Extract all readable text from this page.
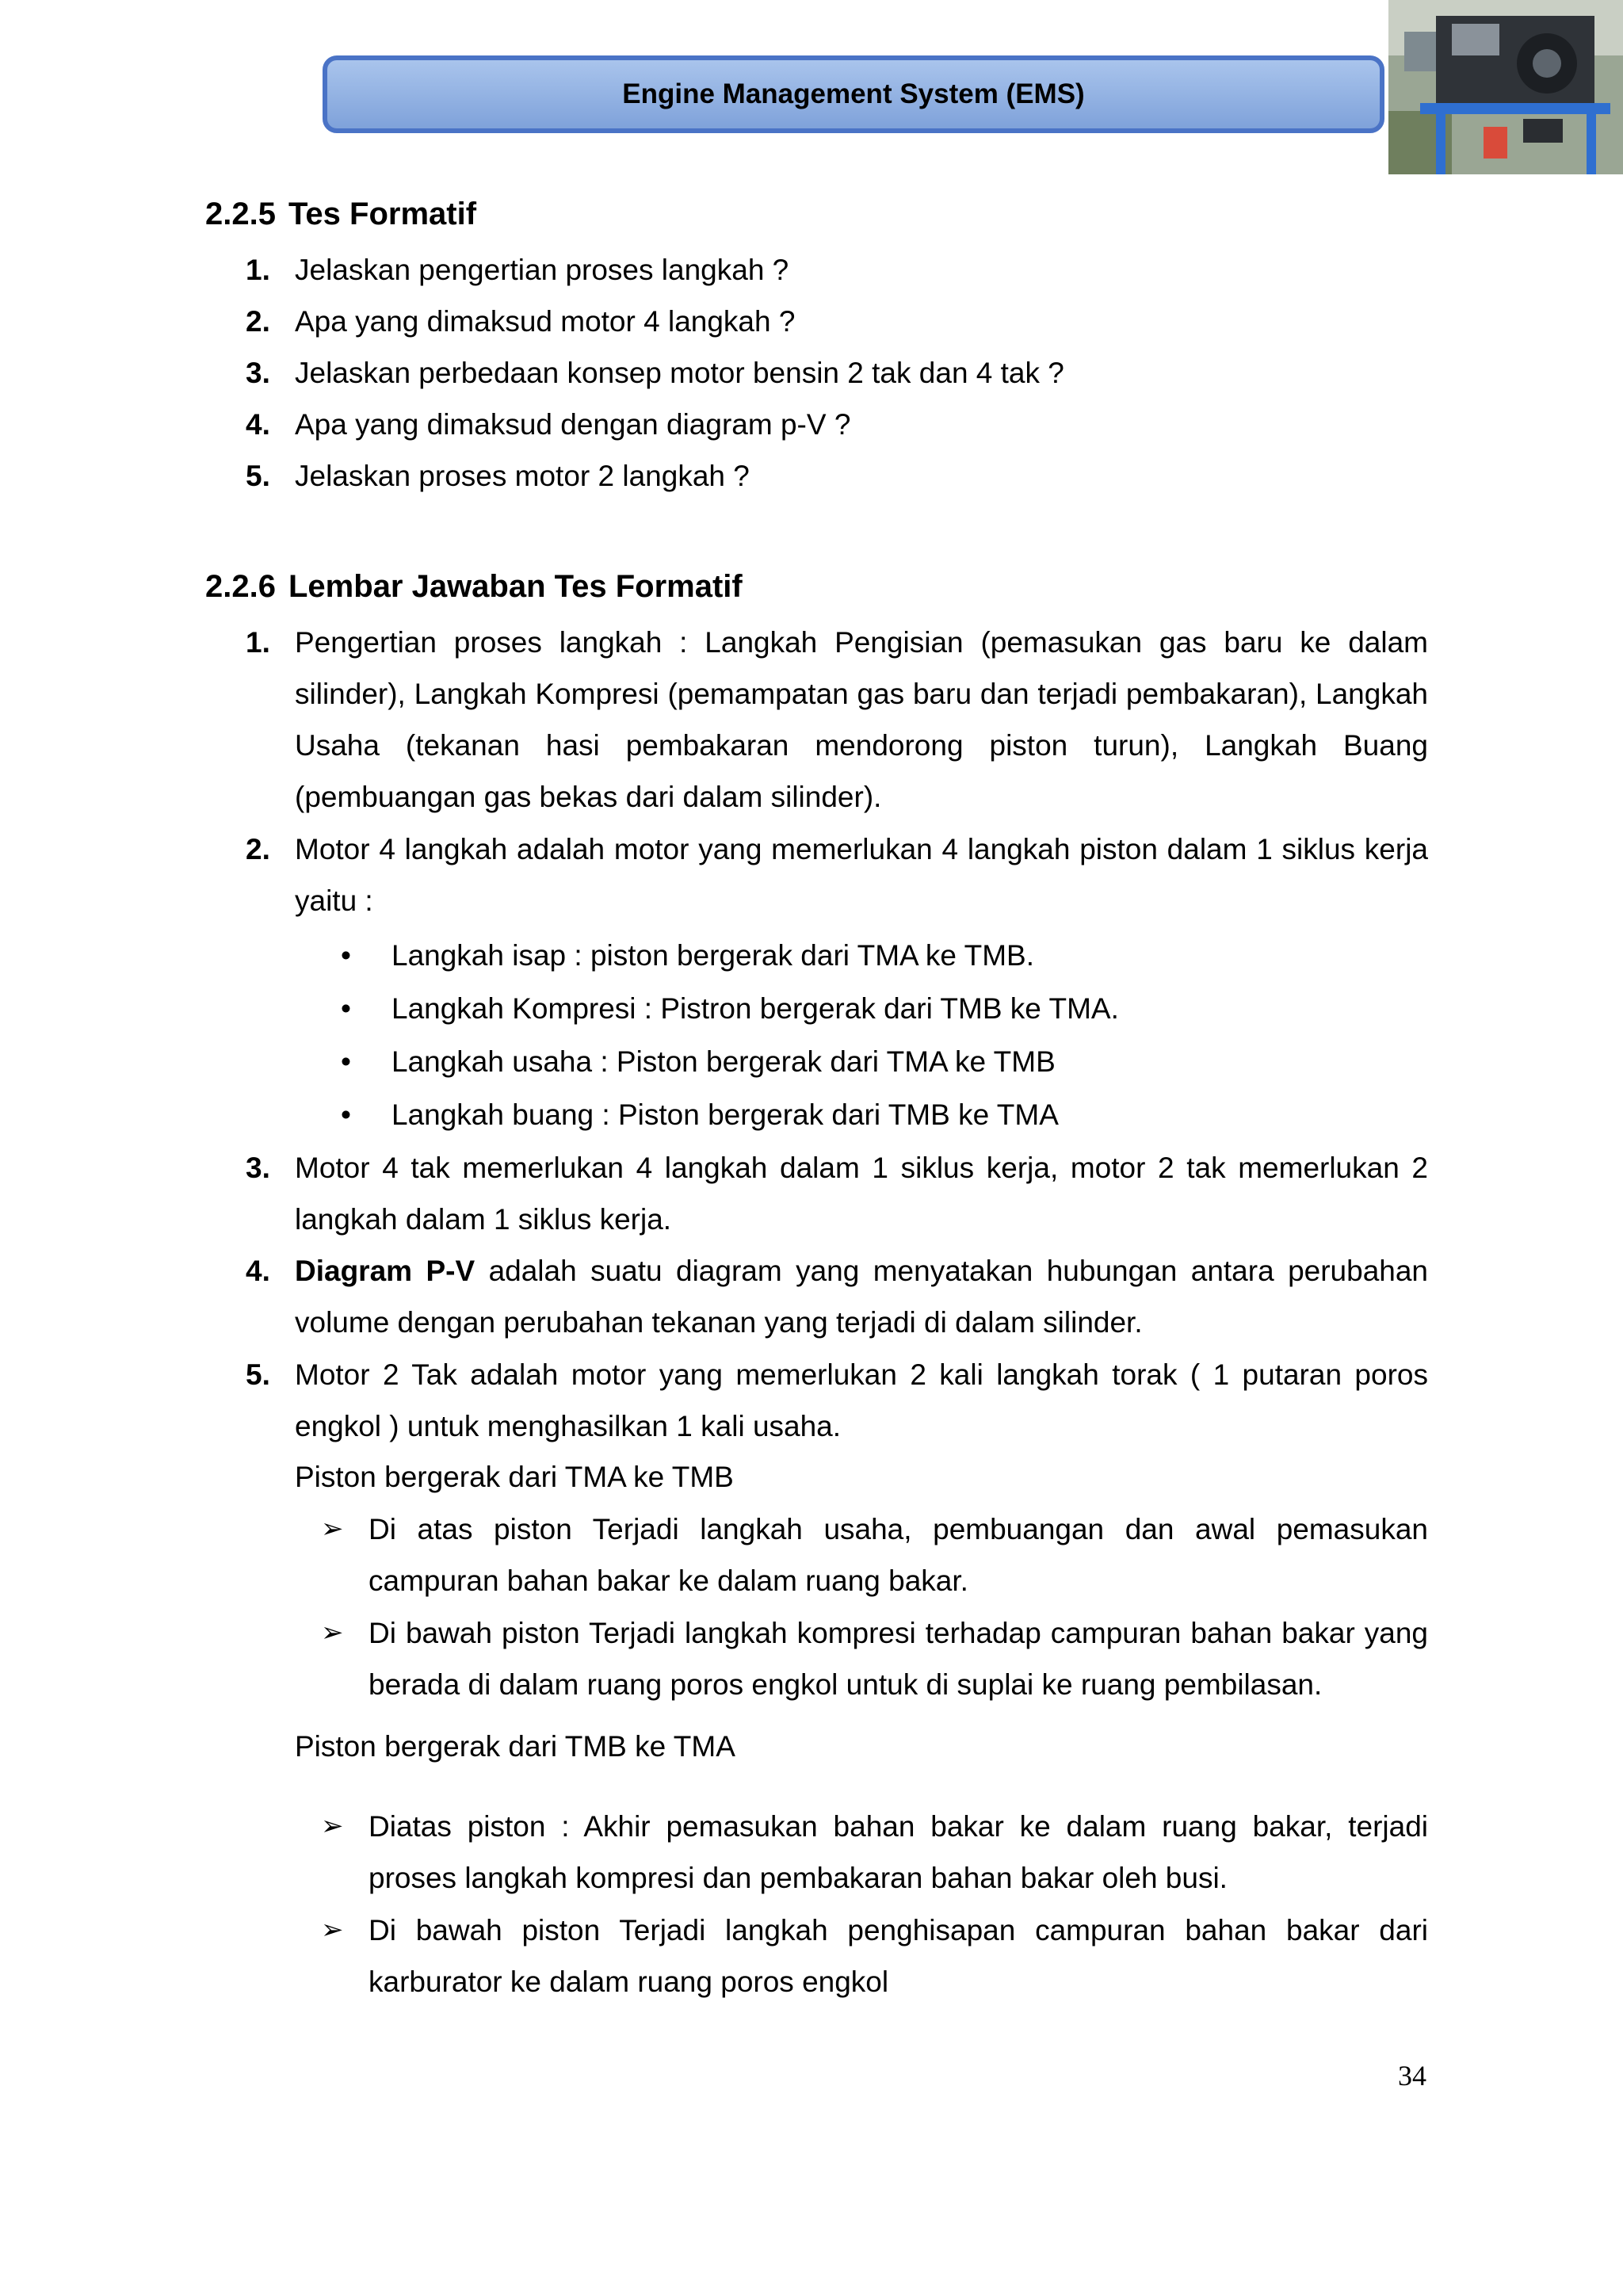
Engine Management System (EMS)
2.2.5 Tes Formatif
1. Jelaskan pengertian proses langkah ?
2. Apa yang dimaksud motor 4 langkah ?
3. Jelaskan perbedaan konsep motor bensin 2 tak dan 4 tak ?
4. Apa yang dimaksud dengan diagram p-V ?
5. Jelaskan proses motor 2 langkah ?
2.2.6 Lembar Jawaban Tes Formatif
1. Pengertian proses langkah : Langkah Pengisian (pemasukan gas baru ke dalam silinder), Langkah Kompresi (pemampatan gas baru dan terjadi pembakaran), Langkah Usaha (tekanan hasi pembakaran mendorong piston turun), Langkah Buang (pembuangan gas bekas dari dalam silinder).
2. Motor 4 langkah adalah motor yang memerlukan 4 langkah piston dalam 1 siklus kerja yaitu :
•	Langkah isap : piston bergerak dari TMA ke TMB.
•	Langkah Kompresi : Pistron bergerak dari TMB ke TMA.
•	Langkah usaha : Piston bergerak dari TMA ke TMB
•	Langkah buang : Piston bergerak dari TMB ke TMA
3. Motor 4 tak memerlukan 4 langkah dalam 1 siklus kerja, motor 2 tak memerlukan 2 langkah dalam 1 siklus kerja.
4. Diagram P-V adalah suatu diagram yang menyatakan hubungan antara perubahan volume dengan perubahan tekanan yang terjadi di dalam silinder.
5. Motor 2 Tak adalah motor yang memerlukan 2 kali langkah torak ( 1 putaran poros engkol ) untuk menghasilkan 1 kali usaha.
Piston bergerak dari TMA ke TMB
➢ Di atas piston Terjadi langkah usaha, pembuangan dan awal pemasukan campuran bahan bakar ke dalam ruang bakar.
➢ Di bawah piston Terjadi langkah kompresi terhadap campuran bahan bakar yang berada di dalam ruang poros engkol untuk di suplai ke ruang pembilasan.
Piston bergerak dari TMB ke TMA
➢ Diatas piston : Akhir pemasukan bahan bakar ke dalam ruang bakar, terjadi proses langkah kompresi dan pembakaran bahan bakar oleh busi.
➢ Di bawah piston Terjadi langkah penghisapan campuran bahan bakar dari karburator ke dalam ruang poros engkol
34
